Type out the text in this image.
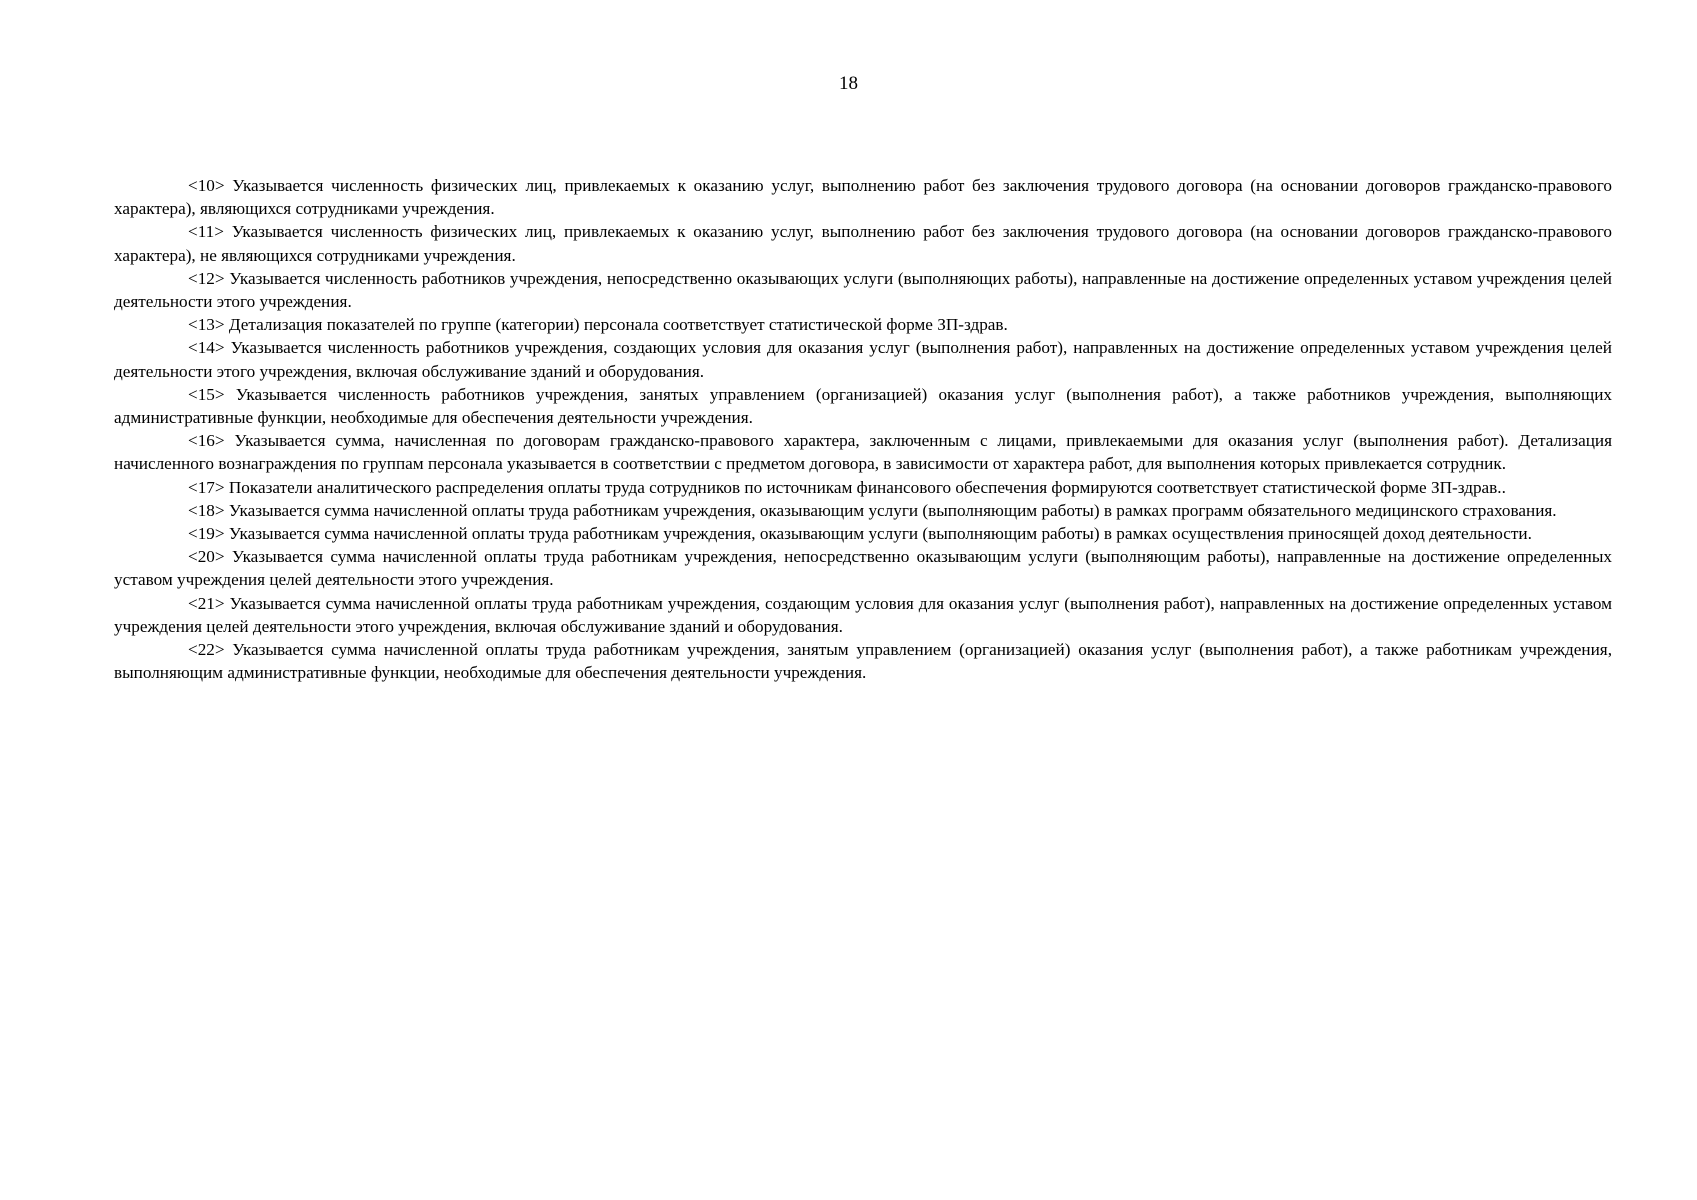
18

<10> Указывается численность физических лиц, привлекаемых к оказанию услуг, выполнению работ без заключения трудового договора (на основании договоров гражданско-правового характера), являющихся сотрудниками учреждения.

<11> Указывается численность физических лиц, привлекаемых к оказанию услуг, выполнению работ без заключения трудового договора (на основании договоров гражданско-правового характера), не являющихся сотрудниками учреждения.

<12> Указывается численность работников учреждения, непосредственно оказывающих услуги (выполняющих работы), направленные на достижение определенных уставом учреждения целей деятельности этого учреждения.

<13> Детализация показателей по группе (категории) персонала соответствует статистической форме ЗП-здрав.

<14> Указывается численность работников учреждения, создающих условия для оказания услуг (выполнения работ), направленных на достижение определенных уставом учреждения целей деятельности этого учреждения, включая обслуживание зданий и оборудования.

<15> Указывается численность работников учреждения, занятых управлением (организацией) оказания услуг (выполнения работ), а также работников учреждения, выполняющих административные функции, необходимые для обеспечения деятельности учреждения.

<16> Указывается сумма, начисленная по договорам гражданско-правового характера, заключенным с лицами, привлекаемыми для оказания услуг (выполнения работ). Детализация начисленного вознаграждения по группам персонала указывается в соответствии с предметом договора, в зависимости от характера работ, для выполнения которых привлекается сотрудник.

<17> Показатели аналитического распределения оплаты труда сотрудников по источникам финансового обеспечения формируются соответствует статистической форме ЗП-здрав..

<18> Указывается сумма начисленной оплаты труда работникам учреждения, оказывающим услуги (выполняющим работы) в рамках программ обязательного медицинского страхования.

<19> Указывается сумма начисленной оплаты труда работникам учреждения, оказывающим услуги (выполняющим работы) в рамках осуществления приносящей доход деятельности.

<20> Указывается сумма начисленной оплаты труда работникам учреждения, непосредственно оказывающим услуги (выполняющим работы), направленные на достижение определенных уставом учреждения целей деятельности этого учреждения.

<21> Указывается сумма начисленной оплаты труда работникам учреждения, создающим условия для оказания услуг (выполнения работ), направленных на достижение определенных уставом учреждения целей деятельности этого учреждения, включая обслуживание зданий и оборудования.

<22> Указывается сумма начисленной оплаты труда работникам учреждения, занятым управлением (организацией) оказания услуг (выполнения работ), а также работникам учреждения, выполняющим административные функции, необходимые для обеспечения деятельности учреждения.
